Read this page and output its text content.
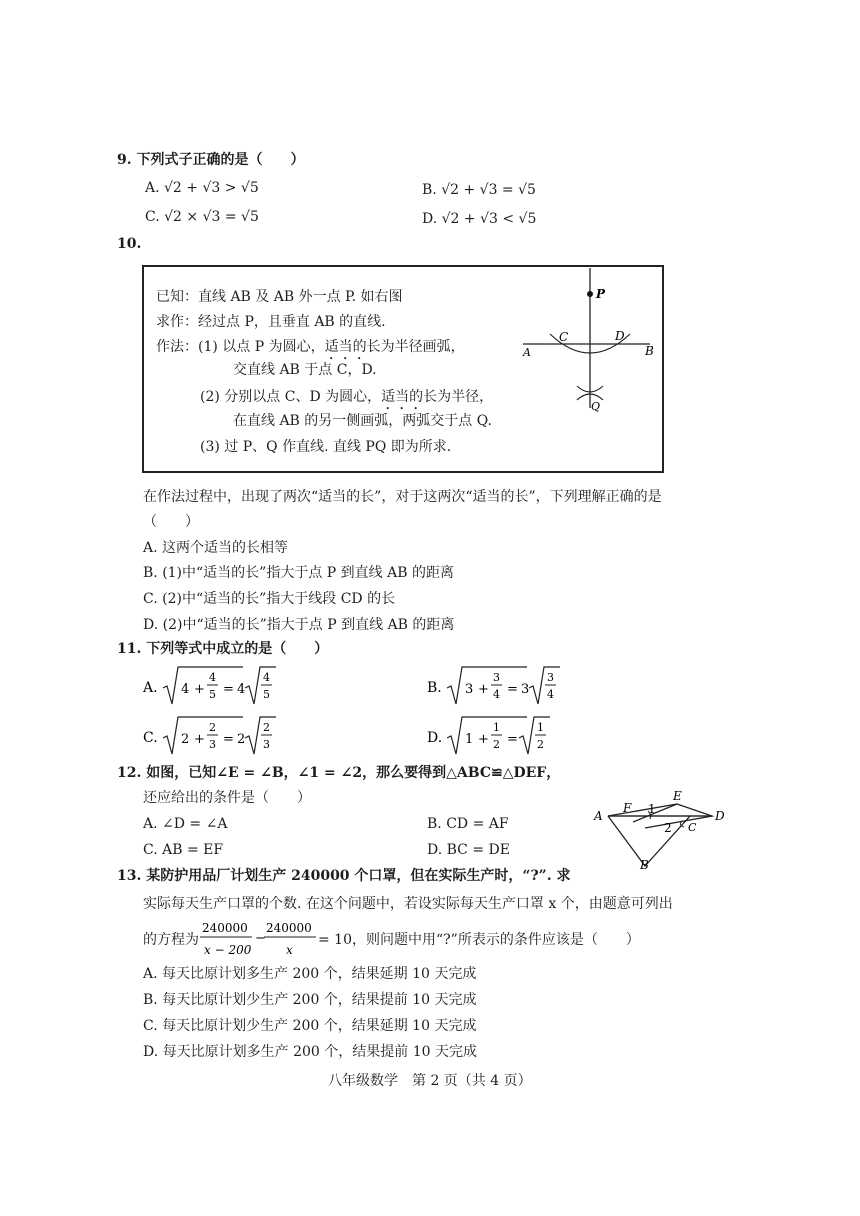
9. 下列式子正确的是（　　）
A. √2 + √3 > √5	B. √2 + √3 = √5
C. √2 × √3 = √5	D. √2 + √3 < √5
10.
已知：直线 AB 及 AB 外一点 P. 如右图
求作：经过点 P，且垂直 AB 的直线.
作法：(1) 以点 P 为圆心，适当的长为半径画弧，
交直线 AB 于点 C，D.
(2) 分别以点 C、D 为圆心，适当的长为半径，
在直线 AB 的另一侧画弧，两弧交于点 Q.
(3) 过 P、Q 作直线. 直线 PQ 即为所求.
P
C	D
A	B
Q
在作法过程中，出现了两次“适当的长”，对于这两次“适当的长”，下列理解正确的是
（　　）
A. 这两个适当的长相等
B. (1)中“适当的长”指大于点 P 到直线 AB 的距离
C. (2)中“适当的长”指大于线段 CD 的长
D. (2)中“适当的长”指大于点 P 到直线 AB 的距离
11. 下列等式中成立的是（　　）
A. 4 +
4
5 = 4
4
5	B. 3 +
3
4 = 3
3
4
C. 2 +
2
3 = 2
2
3	D. 1 +
1
2 =
1
2
12. 如图，已知∠E = ∠B，∠1 = ∠2，那么要得到△ABC≌△DEF，
还应给出的条件是（　　）
A. ∠D = ∠A	B. CD = AF
C. AB = EF	D. BC = DE
E
A
F 1	D
2 C
B
13. 某防护用品厂计划生产 240000 个口罩，但在实际生产时，“?”. 求
实际每天生产口罩的个数. 在这个问题中，若设实际每天生产口罩 x 个，由题意可列出
的方程为
240000
x − 200
−
240000
x
= 10，则问题中用“?”所表示的条件应该是（　　）
A. 每天比原计划多生产 200 个，结果延期 10 天完成
B. 每天比原计划少生产 200 个，结果提前 10 天完成
C. 每天比原计划少生产 200 个，结果延期 10 天完成
D. 每天比原计划多生产 200 个，结果提前 10 天完成
八年级数学　第 2 页（共 4 页）
